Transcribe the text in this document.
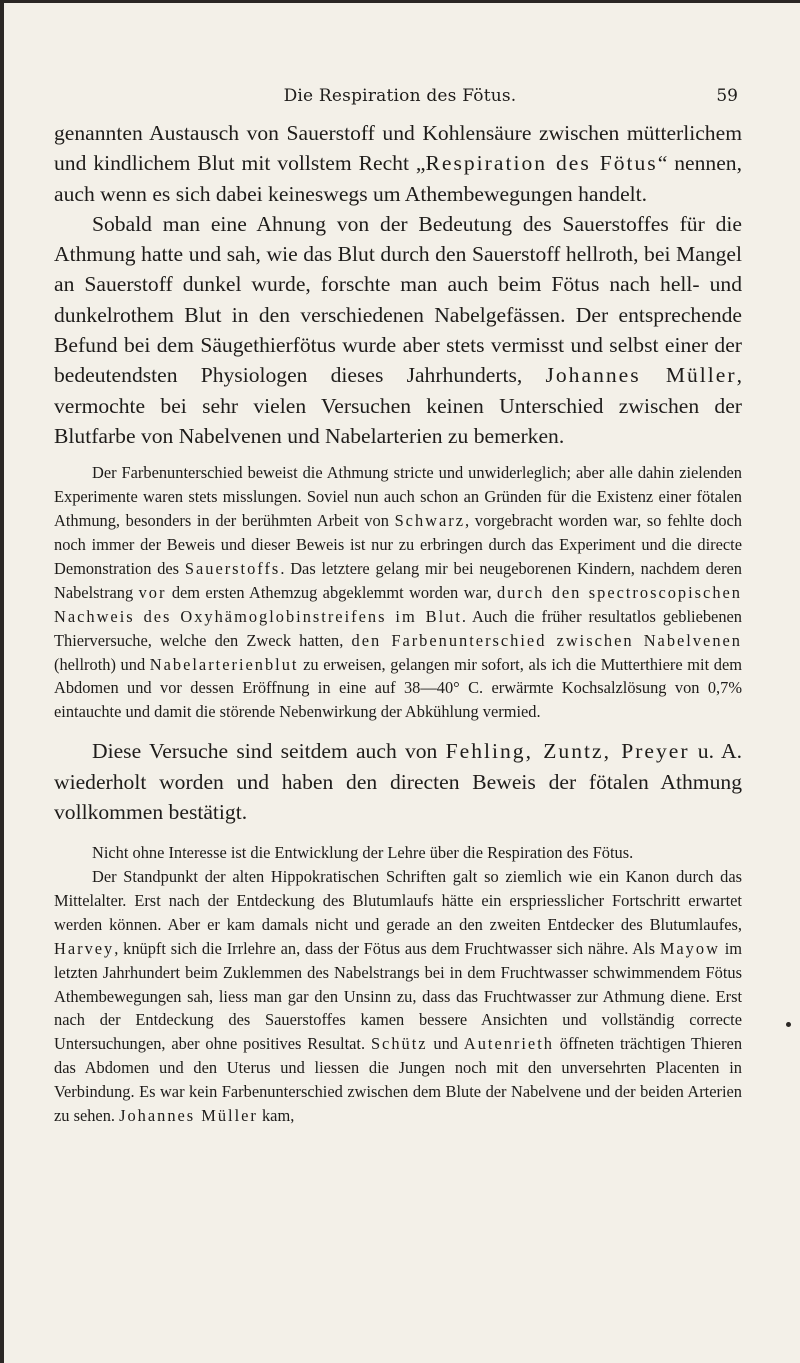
Die Respiration des Fötus.	59

genannten Austausch von Sauerstoff und Kohlensäure zwischen mütterlichem und kindlichem Blut mit vollstem Recht „Respiration des Fötus“ nennen, auch wenn es sich dabei keineswegs um Athembewegungen handelt.

Sobald man eine Ahnung von der Bedeutung des Sauerstoffes für die Athmung hatte und sah, wie das Blut durch den Sauerstoff hellroth, bei Mangel an Sauerstoff dunkel wurde, forschte man auch beim Fötus nach hell- und dunkelrothem Blut in den verschiedenen Nabelgefässen. Der entsprechende Befund bei dem Säugethierfötus wurde aber stets vermisst und selbst einer der bedeutendsten Physiologen dieses Jahrhunderts, Johannes Müller, vermochte bei sehr vielen Versuchen keinen Unterschied zwischen der Blutfarbe von Nabelvenen und Nabelarterien zu bemerken.

Der Farbenunterschied beweist die Athmung stricte und unwiderleglich; aber alle dahin zielenden Experimente waren stets misslungen. Soviel nun auch schon an Gründen für die Existenz einer fötalen Athmung, besonders in der berühmten Arbeit von Schwarz, vorgebracht worden war, so fehlte doch noch immer der Beweis und dieser Beweis ist nur zu erbringen durch das Experiment und die directe Demonstration des Sauerstoffs. Das letztere gelang mir bei neugeborenen Kindern, nachdem deren Nabelstrang vor dem ersten Athemzug abgeklemmt worden war, durch den spectroscopischen Nachweis des Oxyhämoglobinstreifens im Blut. Auch die früher resultatlos gebliebenen Thierversuche, welche den Zweck hatten, den Farbenunterschied zwischen Nabelvenen (hellroth) und Nabelarterienblut zu erweisen, gelangen mir sofort, als ich die Mutterthiere mit dem Abdomen und vor dessen Eröffnung in eine auf 38—40° C. erwärmte Kochsalzlösung von 0,7% eintauchte und damit die störende Nebenwirkung der Abkühlung vermied.

Diese Versuche sind seitdem auch von Fehling, Zuntz, Preyer u. A. wiederholt worden und haben den directen Beweis der fötalen Athmung vollkommen bestätigt.

Nicht ohne Interesse ist die Entwicklung der Lehre über die Respiration des Fötus.

Der Standpunkt der alten Hippokratischen Schriften galt so ziemlich wie ein Kanon durch das Mittelalter. Erst nach der Entdeckung des Blutumlaufs hätte ein erspriesslicher Fortschritt erwartet werden können. Aber er kam damals nicht und gerade an den zweiten Entdecker des Blutumlaufes, Harvey, knüpft sich die Irrlehre an, dass der Fötus aus dem Fruchtwasser sich nähre. Als Mayow im letzten Jahrhundert beim Zuklemmen des Nabelstrangs bei in dem Fruchtwasser schwimmendem Fötus Athembewegungen sah, liess man gar den Unsinn zu, dass das Fruchtwasser zur Athmung diene. Erst nach der Entdeckung des Sauerstoffes kamen bessere Ansichten und vollständig correcte Untersuchungen, aber ohne positives Resultat. Schütz und Autenrieth öffneten trächtigen Thieren das Abdomen und den Uterus und liessen die Jungen noch mit den unversehrten Placenten in Verbindung. Es war kein Farbenunterschied zwischen dem Blute der Nabelvene und der beiden Arterien zu sehen. Johannes Müller kam,
